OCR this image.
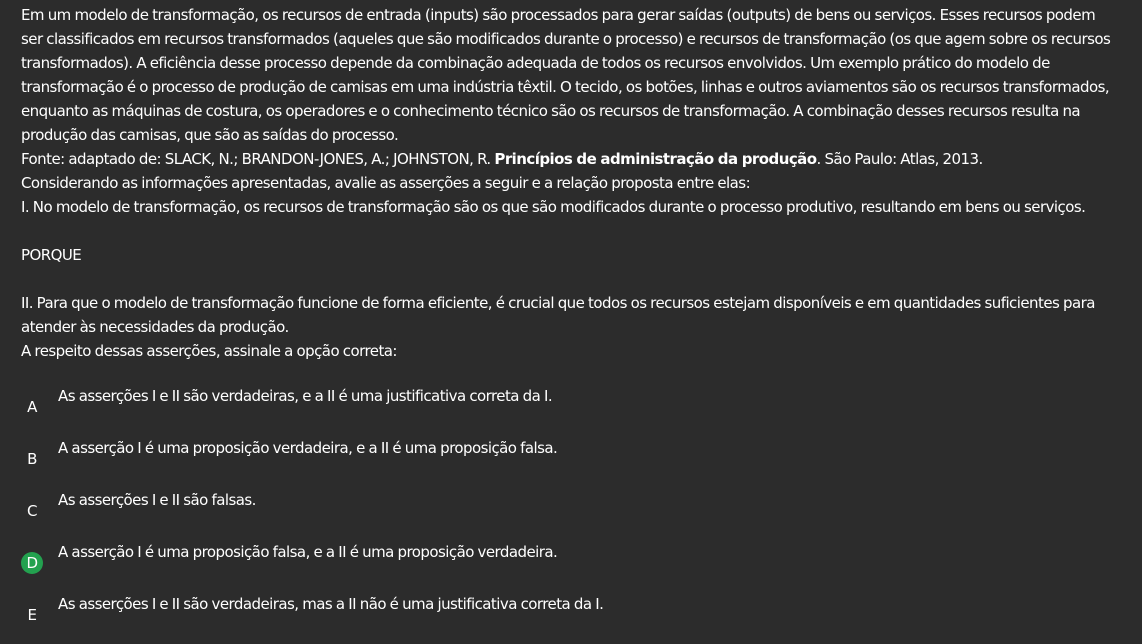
Em um modelo de transformação, os recursos de entrada (inputs) são processados para gerar saídas (outputs) de bens ou serviços. Esses recursos podem ser classificados em recursos transformados (aqueles que são modificados durante o processo) e recursos de transformação (os que agem sobre os recursos transformados). A eficiência desse processo depende da combinação adequada de todos os recursos envolvidos. Um exemplo prático do modelo de transformação é o processo de produção de camisas em uma indústria têxtil. O tecido, os botões, linhas e outros aviamentos são os recursos transformados, enquanto as máquinas de costura, os operadores e o conhecimento técnico são os recursos de transformação. A combinação desses recursos resulta na produção das camisas, que são as saídas do processo.

Fonte: adaptado de: SLACK, N.; BRANDON-JONES, A.; JOHNSTON, R. Princípios de administração da produção. São Paulo: Atlas, 2013.

Considerando as informações apresentadas, avalie as asserções a seguir e a relação proposta entre elas:

I. No modelo de transformação, os recursos de transformação são os que são modificados durante o processo produtivo, resultando em bens ou serviços.

PORQUE

II. Para que o modelo de transformação funcione de forma eficiente, é crucial que todos os recursos estejam disponíveis e em quantidades suficientes para atender às necessidades da produção.

A respeito dessas asserções, assinale a opção correta:

A
As asserções I e II são verdadeiras, e a II é uma justificativa correta da I.
B
A asserção I é uma proposição verdadeira, e a II é uma proposição falsa.
C
As asserções I e II são falsas.
D
A asserção I é uma proposição falsa, e a II é uma proposição verdadeira.
E
As asserções I e II são verdadeiras, mas a II não é uma justificativa correta da I.
